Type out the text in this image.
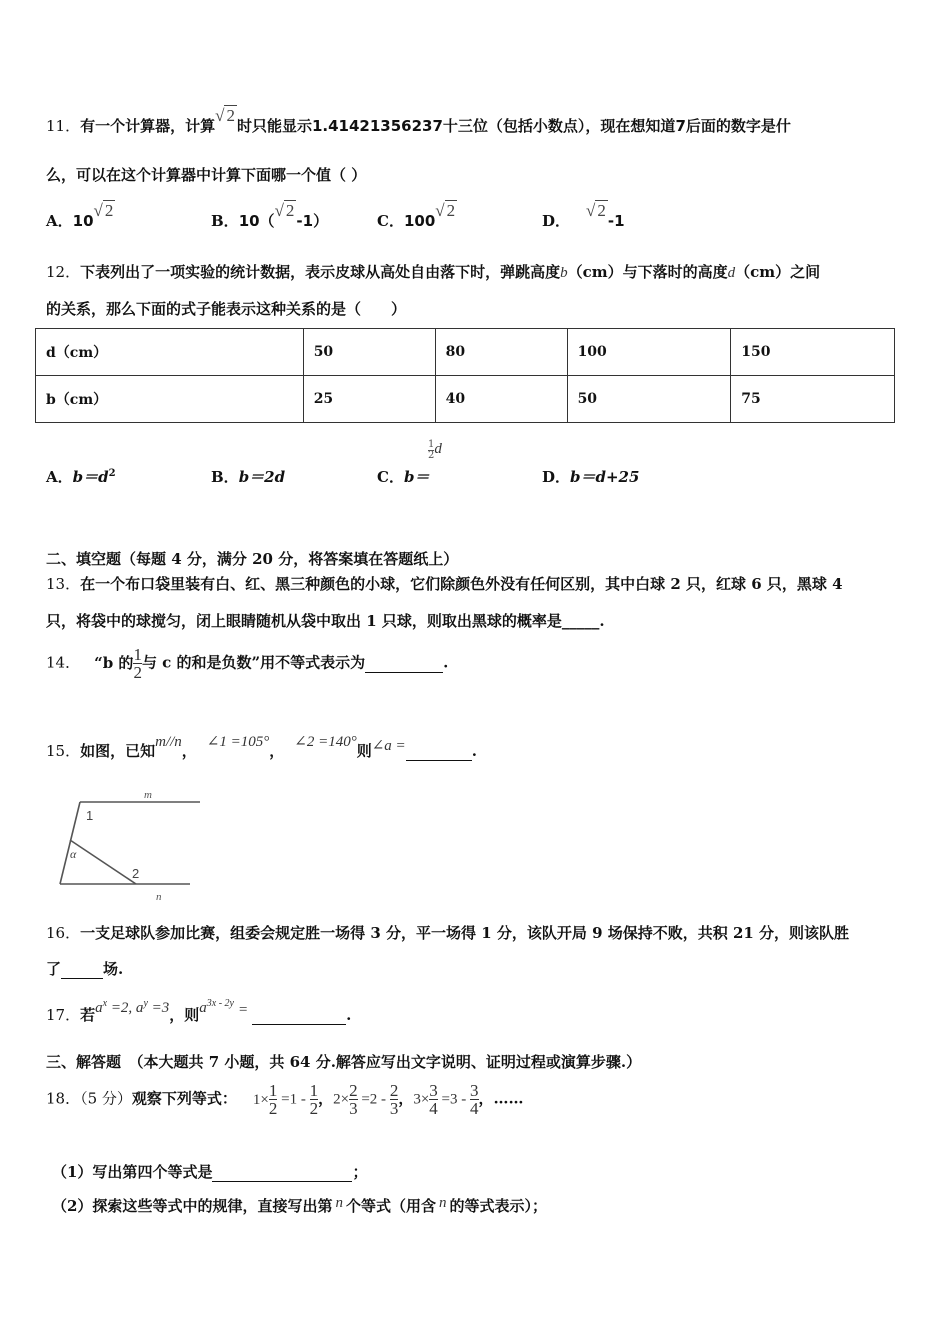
11．有一个计算器，计算√ 2时只能显示1.41421356237十三位（包括小数点），现在想知道7后面的数字是什
么，可以在这个计算器中计算下面哪一个值（ ）
A．10√ 2
B．10（√ 2-1）	C．100√ 2
D．√ 2-1
12．下表列出了一项实验的统计数据，表示皮球从高处自由落下时，弹跳高度b（cm）与下落时的高度d（cm）之间
的关系，那么下面的式子能表示这种关系的是（　　）
d（cm）	50	80	100	150
b（cm）	25	40	50	75
A．$b=d^2$	B．b＝2d	C．b＝
$\frac{1}{2}$ d
D．b＝d+25
二、填空题（每题 4 分，满分 20 分，将答案填在答题纸上）
13．在一个布口袋里装有白、红、黑三种颜色的小球，它们除颜色外没有任何区别，其中白球 2 只，红球 6 只，黑球 4
只，将袋中的球搅匀，闭上眼睛随机从袋中取出 1 只球，则取出黑球的概率是_____.
14． “b 的 $\frac{1}{2}$ 与 c 的和是负数”用不等式表示为	.
15．如图，已知m//n， ∠1 =105°， ∠2 =140°则∠a =	.
m
1
α
2
n
16．一支足球队参加比赛，组委会规定胜一场得 3 分，平一场得 1 分，该队开局 9 场保持不败，共积 21 分，则该队胜
了	场.
17．若$a^x =2$, $a^y =3$，则$a^{3x - 2y}$ =	.
三、解答题　（本大题共 7 小题，共 64 分.解答应写出文字说明、证明过程或演算步骤.）
18．（5 分）观察下列等式： $1\times \frac{1}{2} =1 - \frac{1}{2}$ ，$2\times \frac{2}{3} =2 - \frac{2}{3}$ ，$3\times \frac{3}{4} =3 - \frac{3}{4}$ ，……
（1）写出第四个等式是	；
（2）探索这些等式中的规律，直接写出第 n 个等式（用含 n 的等式表示）；
